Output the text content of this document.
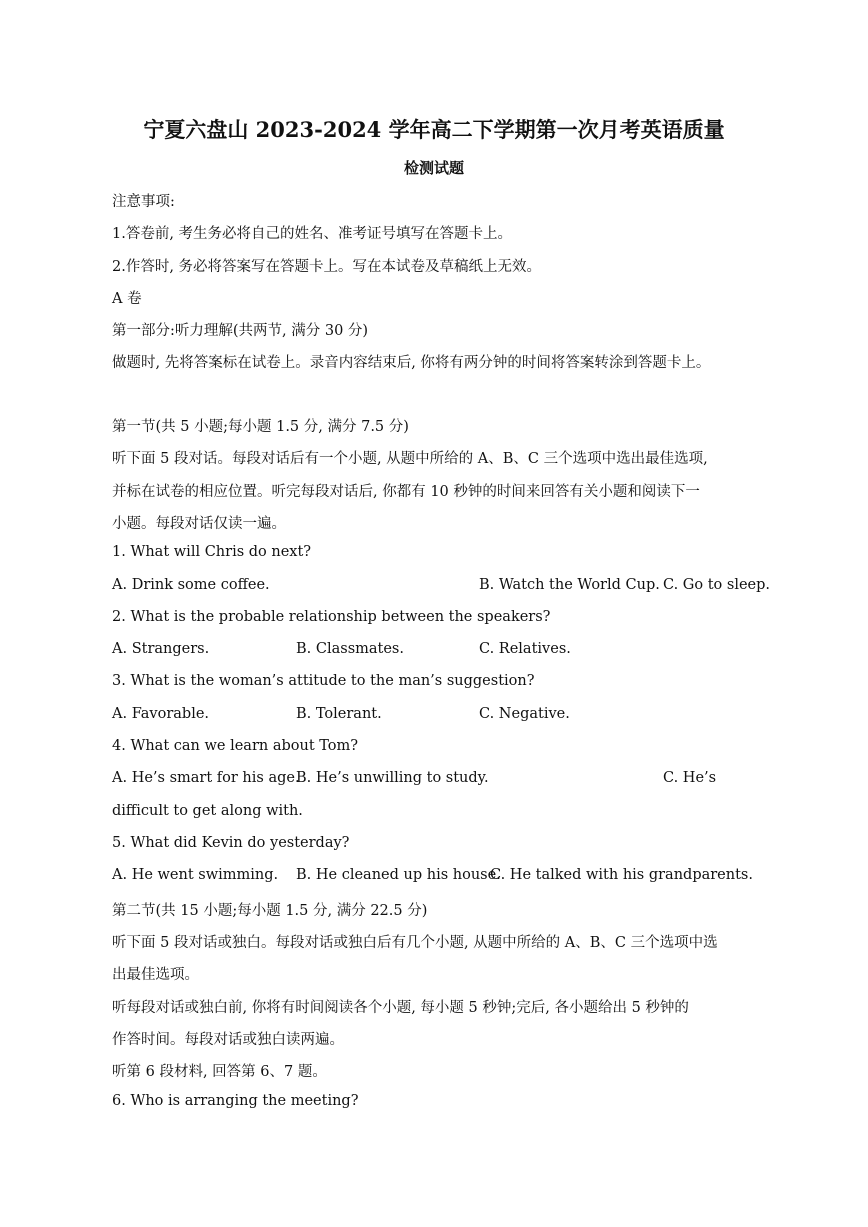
宁夏六盘山 2023-2024 学年高二下学期第一次月考英语质量
检测试题
注意事项:
1.答卷前, 考生务必将自己的姓名、准考证号填写在答题卡上。
2.作答时, 务必将答案写在答题卡上。写在本试卷及草稿纸上无效。
A 卷
第一部分:听力理解(共两节, 满分 30 分)
做题时, 先将答案标在试卷上。录音内容结束后, 你将有两分钟的时间将答案转涂到答题卡上。
第一节(共 5 小题;每小题 1.5 分, 满分 7.5 分)
听下面 5 段对话。每段对话后有一个小题, 从题中所给的 A、B、C 三个选项中选出最佳选项,
并标在试卷的相应位置。听完每段对话后, 你都有 10 秒钟的时间来回答有关小题和阅读下一
小题。每段对话仅读一遍。
1. What will Chris do next?
A. Drink some coffee.	B. Watch the World Cup. C. Go to sleep.
2. What is the probable relationship between the speakers?
A. Strangers.	B. Classmates.	C. Relatives.
3. What is the woman’s attitude to the man’s suggestion?
A. Favorable.	B. Tolerant.	C. Negative.
4. What can we learn about Tom?
A. He’s smart for his age.
B. He’s unwilling to study.	C. He’s
difficult to get along with.
5. What did Kevin do yesterday?
A. He went swimming. B. He cleaned up his house.
C. He talked with his grandparents.
第二节(共 15 小题;每小题 1.5 分, 满分 22.5 分)
听下面 5 段对话或独白。每段对话或独白后有几个小题, 从题中所给的 A、B、C 三个选项中选
出最佳选项。
听每段对话或独白前, 你将有时间阅读各个小题, 每小题 5 秒钟;完后, 各小题给出 5 秒钟的
作答时间。每段对话或独白读两遍。
听第 6 段材料, 回答第 6、7 题。
6. Who is arranging the meeting?
